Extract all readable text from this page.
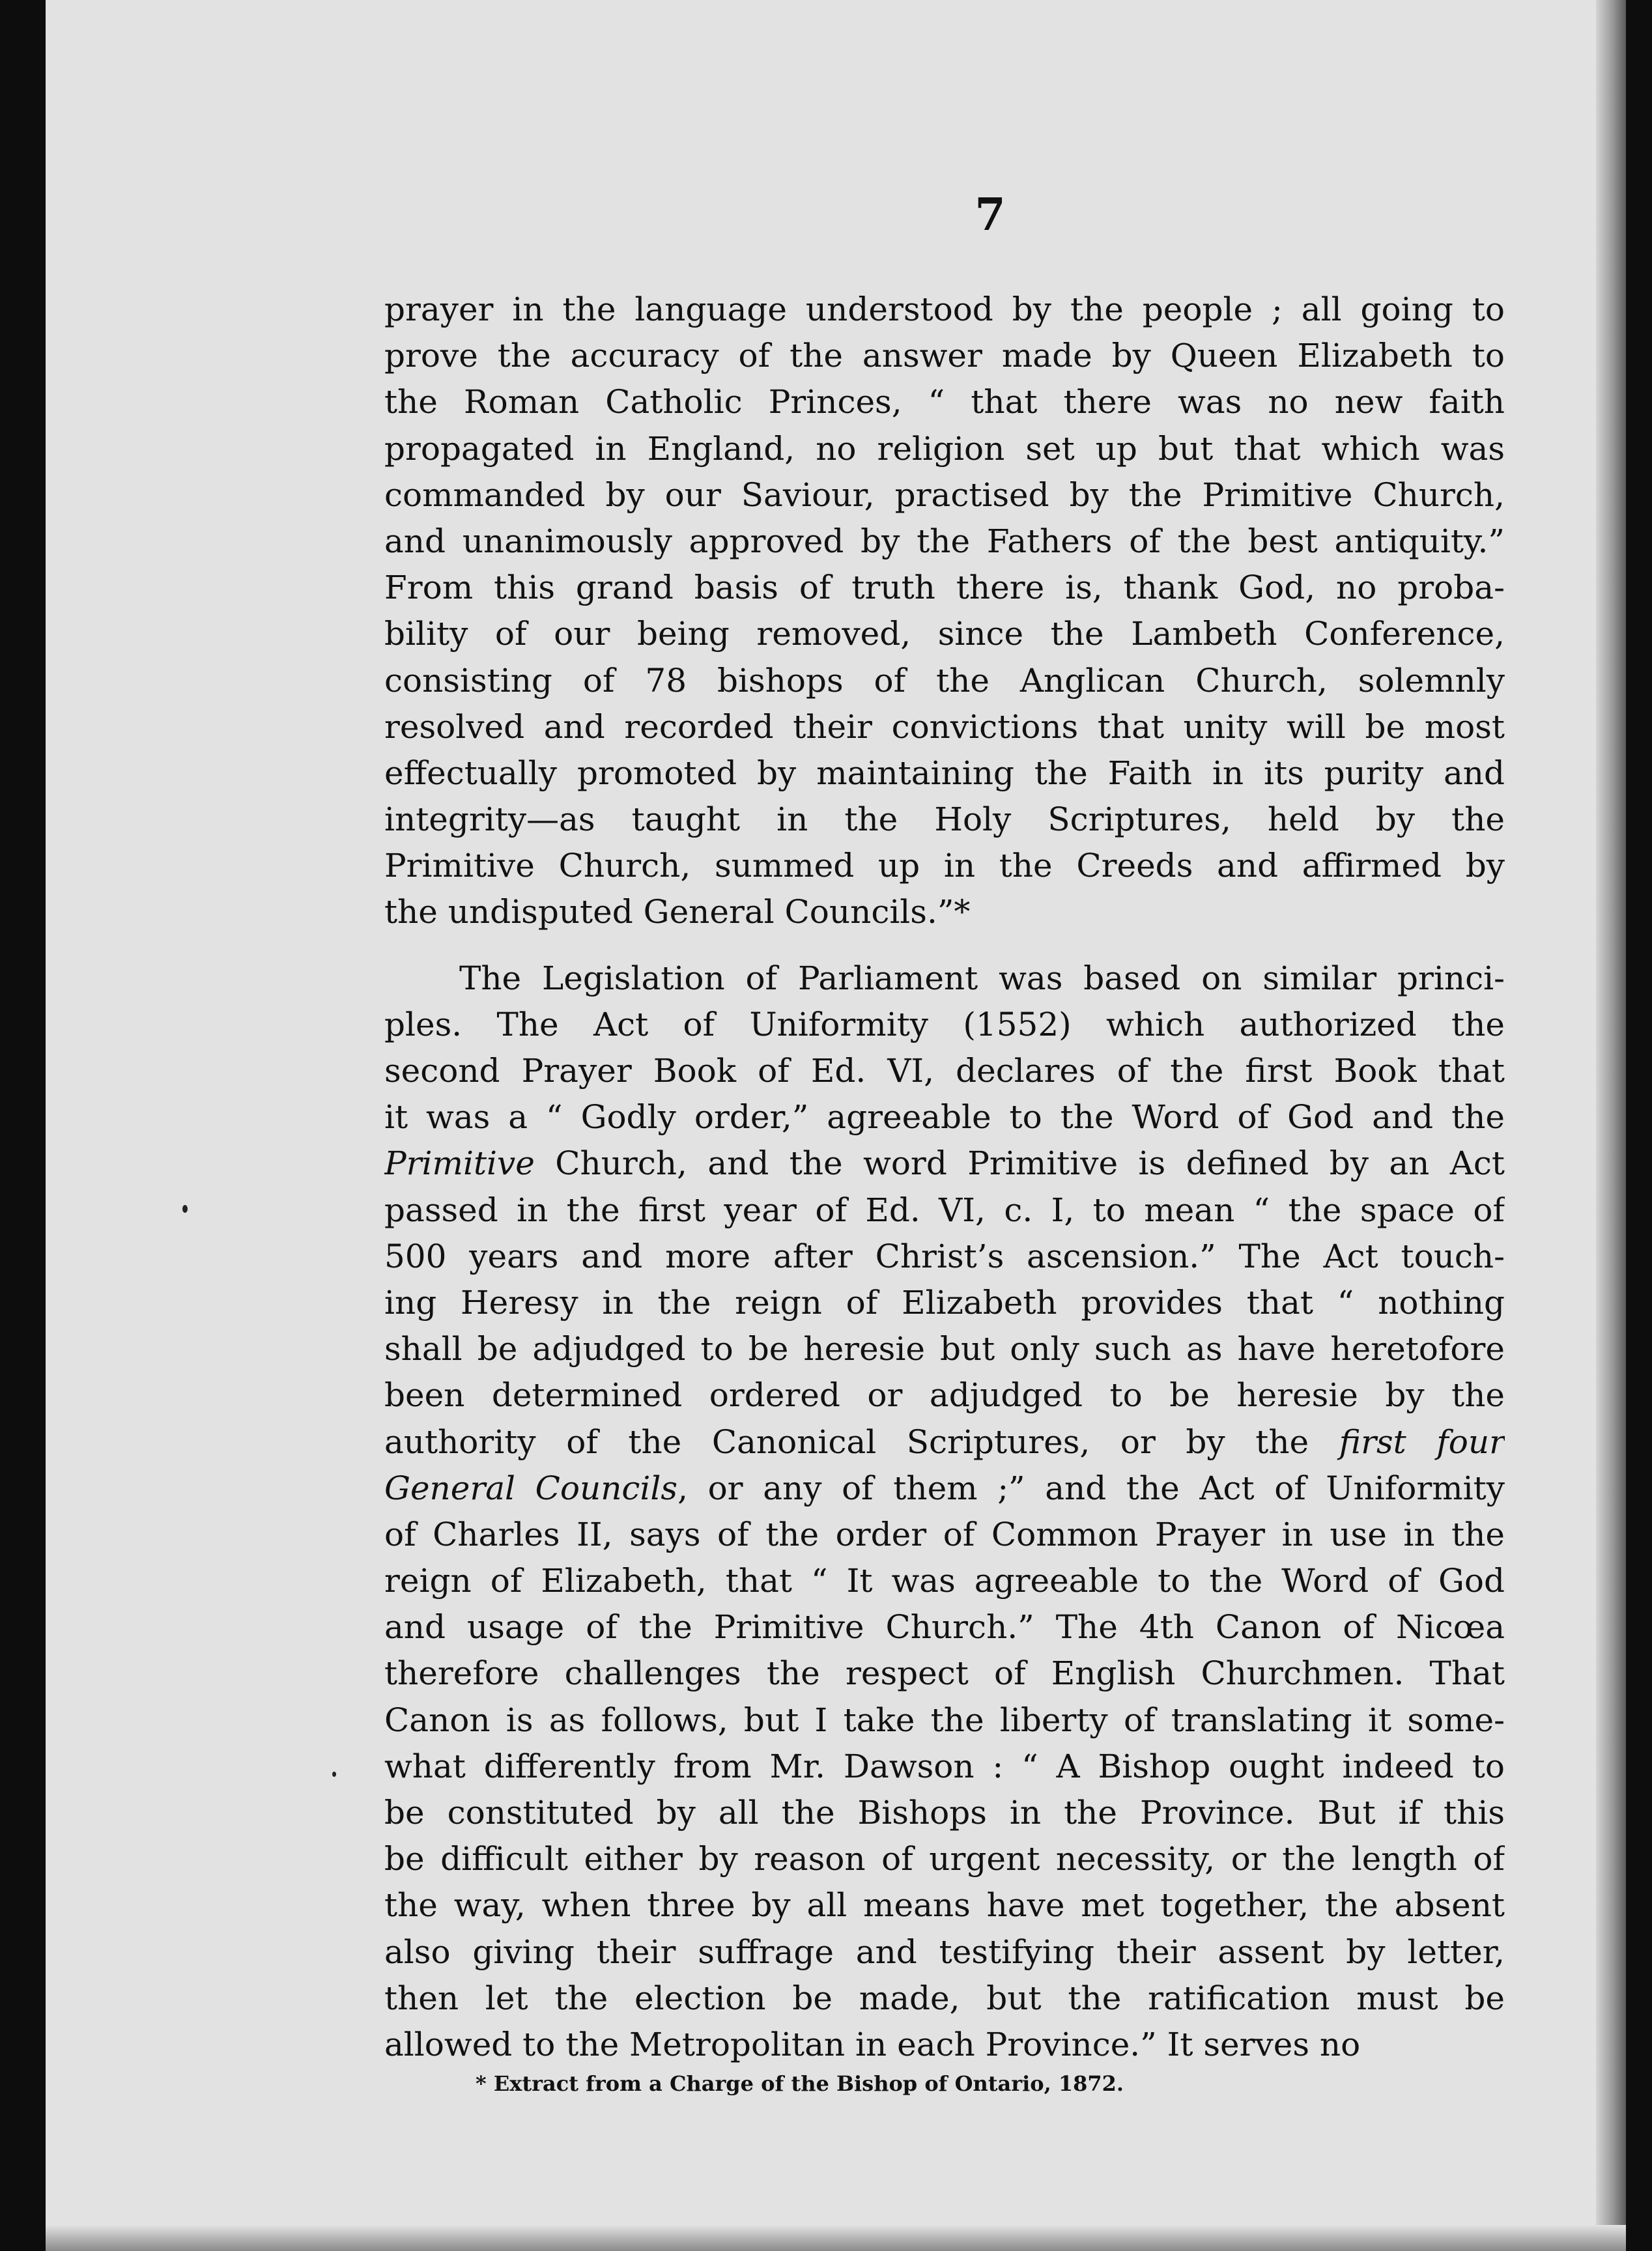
7
prayer in the language understood by the people ; all going to
prove the accuracy of the answer made by Queen Elizabeth to
the Roman Catholic Princes, “ that there was no new faith
propagated in England, no religion set up but that which was
commanded by our Saviour, practised by the Primitive Church,
and unanimously approved by the Fathers of the best antiquity.”
From this grand basis of truth there is, thank God, no proba-
bility of our being removed, since the Lambeth Conference,
consisting of 78 bishops of the Anglican Church, solemnly
resolved and recorded their convictions that unity will be most
effectually promoted by maintaining the Faith in its purity and
integrity—as taught in the Holy Scriptures, held by the
Primitive Church, summed up in the Creeds and affirmed by
the undisputed General Councils.”*
The Legislation of Parliament was based on similar princi-
ples. The Act of Uniformity (1552) which authorized the
second Prayer Book of Ed. VI, declares of the first Book that
it was a “ Godly order,” agreeable to the Word of God and the
Primitive Church, and the word Primitive is defined by an Act
passed in the first year of Ed. VI, c. I, to mean “ the space of
500 years and more after Christ’s ascension.” The Act touch-
ing Heresy in the reign of Elizabeth provides that “ nothing
shall be adjudged to be heresie but only such as have heretofore
been determined ordered or adjudged to be heresie by the
authority of the Canonical Scriptures, or by the first four
General Councils, or any of them ;” and the Act of Uniformity
of Charles II, says of the order of Common Prayer in use in the
reign of Elizabeth, that “ It was agreeable to the Word of God
and usage of the Primitive Church.” The 4th Canon of Nicœa
therefore challenges the respect of English Churchmen. That
Canon is as follows, but I take the liberty of translating it some-
what differently from Mr. Dawson : “ A Bishop ought indeed to
be constituted by all the Bishops in the Province. But if this
be difficult either by reason of urgent necessity, or the length of
the way, when three by all means have met together, the absent
also giving their suffrage and testifying their assent by letter,
then let the election be made, but the ratification must be
allowed to the Metropolitan in each Province.” It serves no
* Extract from a Charge of the Bishop of Ontario, 1872.
